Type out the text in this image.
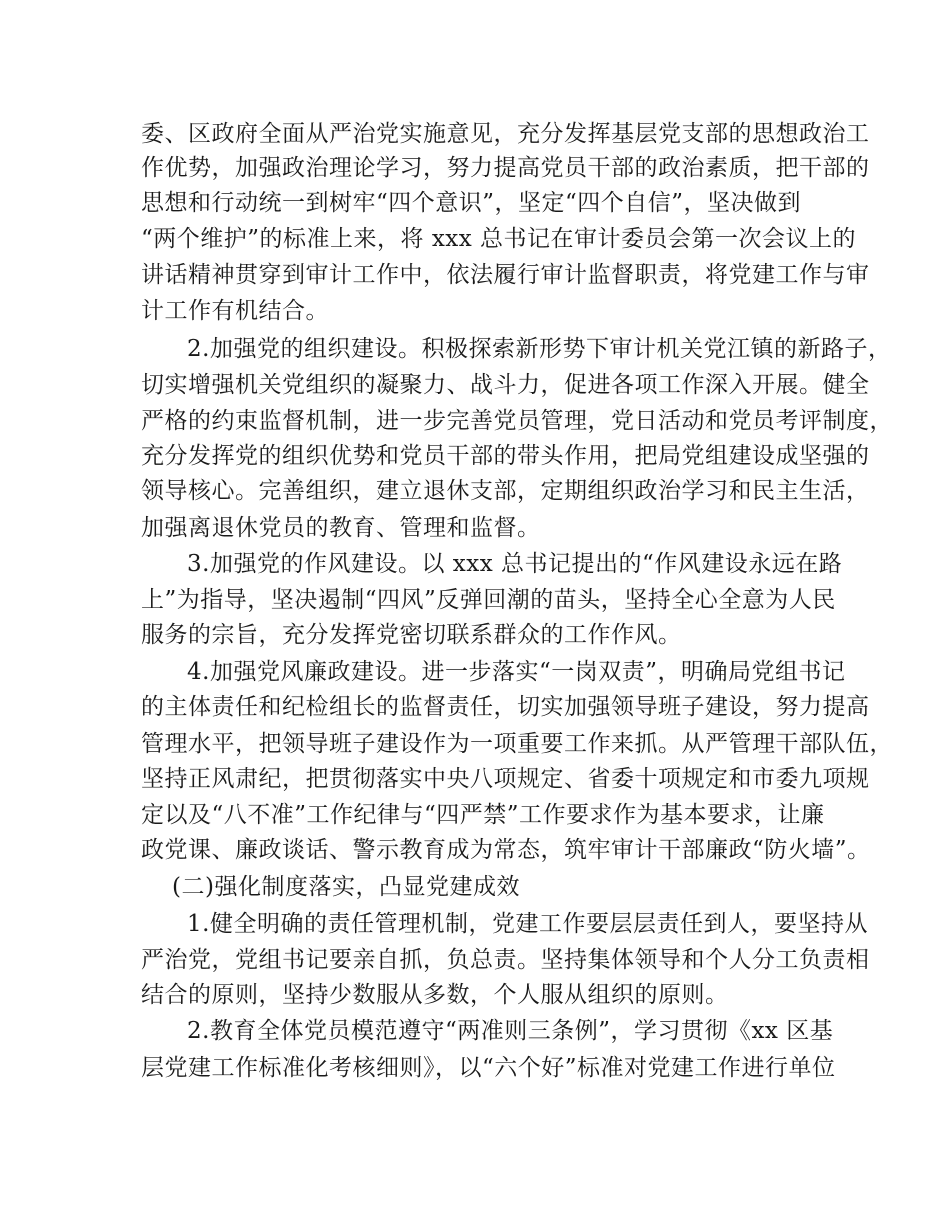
委、区政府全面从严治党实施意见，充分发挥基层党支部的思想政治工
作优势，加强政治理论学习，努力提高党员干部的政治素质，把干部的
思想和行动统一到树牢“四个意识”，坚定“四个自信”，坚决做到
“两个维护”的标准上来，将 xxx 总书记在审计委员会第一次会议上的
讲话精神贯穿到审计工作中，依法履行审计监督职责，将党建工作与审
计工作有机结合。
2.加强党的组织建设。积极探索新形势下审计机关党江镇的新路子，
切实增强机关党组织的凝聚力、战斗力，促进各项工作深入开展。健全
严格的约束监督机制，进一步完善党员管理，党日活动和党员考评制度，
充分发挥党的组织优势和党员干部的带头作用，把局党组建设成坚强的
领导核心。完善组织，建立退休支部，定期组织政治学习和民主生活，
加强离退休党员的教育、管理和监督。
3.加强党的作风建设。以 xxx 总书记提出的“作风建设永远在路
上”为指导，坚决遏制“四风”反弹回潮的苗头，坚持全心全意为人民
服务的宗旨，充分发挥党密切联系群众的工作作风。
4.加强党风廉政建设。进一步落实“一岗双责”，明确局党组书记
的主体责任和纪检组长的监督责任，切实加强领导班子建设，努力提高
管理水平，把领导班子建设作为一项重要工作来抓。从严管理干部队伍，
坚持正风肃纪，把贯彻落实中央八项规定、省委十项规定和市委九项规
定以及“八不准”工作纪律与“四严禁”工作要求作为基本要求，让廉
政党课、廉政谈话、警示教育成为常态，筑牢审计干部廉政“防火墙”。
(二)强化制度落实，凸显党建成效
1.健全明确的责任管理机制，党建工作要层层责任到人，要坚持从
严治党，党组书记要亲自抓，负总责。坚持集体领导和个人分工负责相
结合的原则，坚持少数服从多数，个人服从组织的原则。
2.教育全体党员模范遵守“两准则三条例”，学习贯彻《xx 区基
层党建工作标准化考核细则》，以“六个好”标准对党建工作进行单位
